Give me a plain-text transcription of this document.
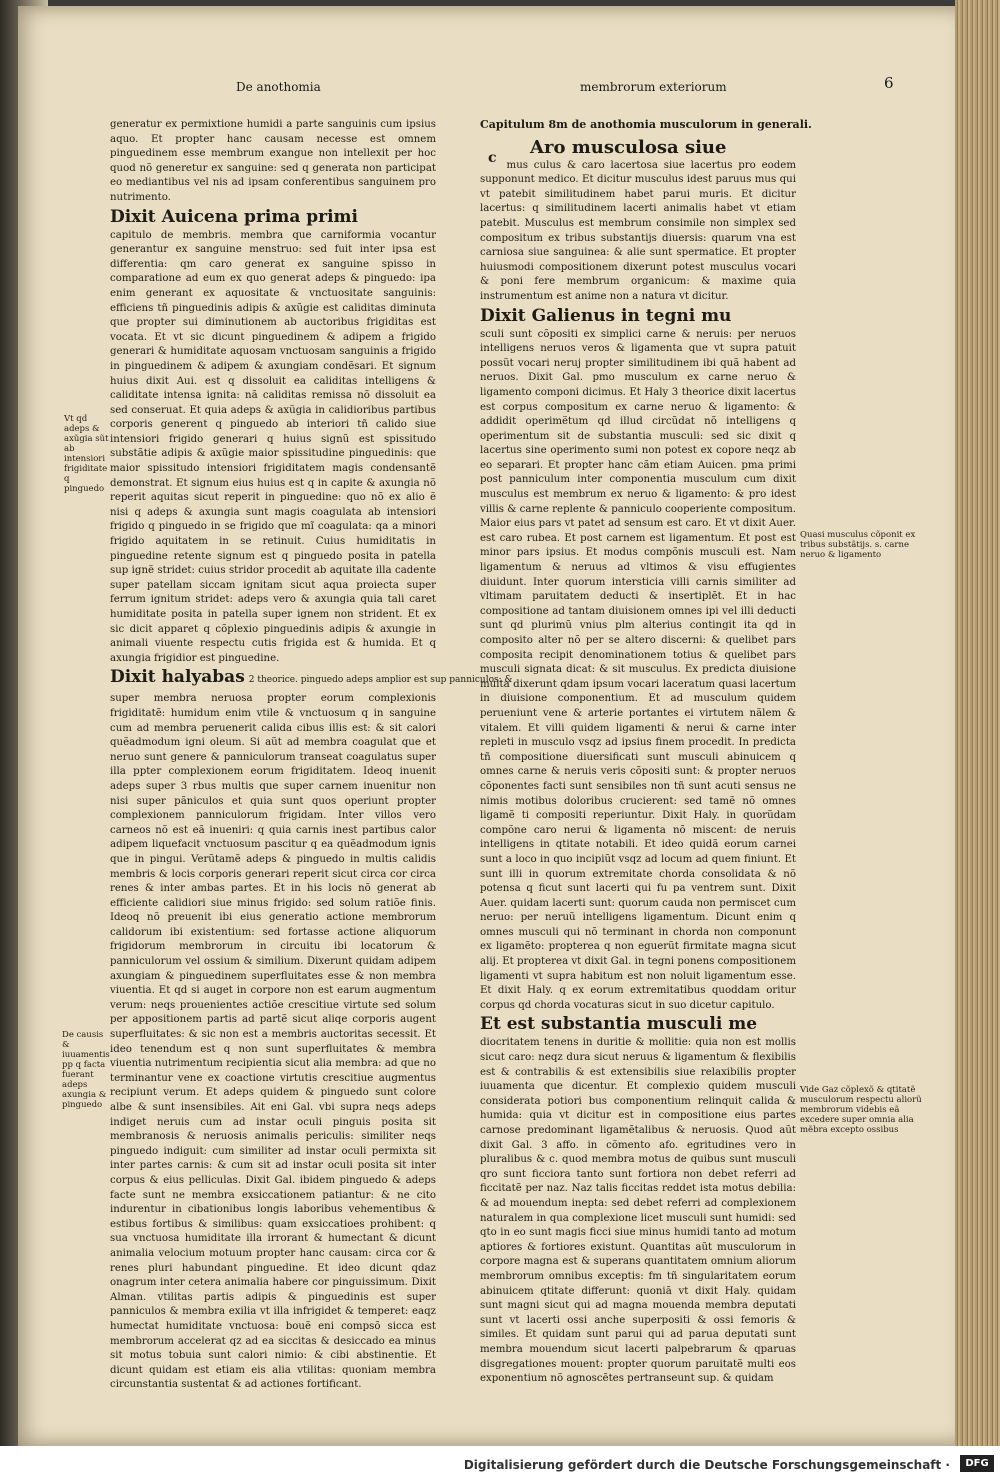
De anothomia	membrorum exteriorum	6

generatur ex permixtione humidi a parte sanguinis cum ipsius aquo. Et propter hanc causam necesse est omnem pinguedinem esse membrum exangue non intellexit per hoc quod nõ generetur ex sanguine: sed q generata non participat eo mediantibus vel nis ad ipsam conferentibus sanguinem pro nutrimento.

Dixit Auicena prima primi

capitulo de membris. membra que carniformia vocantur generantur ex sanguine menstruo: sed fuit inter ipsa est differentia: qm caro generat ex sanguine spisso in comparatione ad eum ex quo generat adeps & pinguedo: ipa enim generant ex aquositate & vnctuositate sanguinis: efficiens tñ pinguedinis adipis & axũgie est caliditas diminuta que propter sui diminutionem ab auctoribus frigiditas est vocata. Et vt sic dicunt pinguedinem & adipem a frigido generari & humiditate aquosam vnctuosam sanguinis a frigido in pinguedinem & adipem & axungiam condẽsari. Et signum huius dixit Aui. est q dissoluit ea caliditas intelligens & caliditate intensa ignita: nã caliditas remissa nõ dissoluit ea sed conseruat. Et quia adeps & axũgia in calidioribus partibus corporis generent q pinguedo ab interiori tñ calido siue intensiori frigido generari q huius signũ est spissitudo substãtie adipis & axũgie maior spissitudine pinguedinis: que maior spissitudo intensiori frigiditatem magis condensantẽ demonstrat. Et signum eius huius est q in capite & axungia nõ reperit aquitas sicut reperit in pinguedine: quo nõ ex alio ẽ nisi q adeps & axungia sunt magis coagulata ab intensiori frigido q pinguedo in se frigido que mĩ coagulata: qa a minori frigido aquitatem in se retinuit. Cuius humiditatis in pinguedine retente signum est q pinguedo posita in patella sup ignẽ stridet: cuius stridor procedit ab aquitate illa cadente super patellam siccam ignitam sicut aqua proiecta super ferrum ignitum stridet: adeps vero & axungia quia tali caret humiditate posita in patella super ignem non strident. Et ex sic dicit apparet q cõplexio pinguedinis adipis & axungie in animali viuente respectu cutis frigida est & humida. Et q axungia frigidior est pinguedine.

Dixit halyabas 2 theorice. pinguedo adeps amplior est sup panniculos: &

super membra neruosa propter eorum complexionis frigiditatẽ: humidum enim vtile & vnctuosum q in sanguine cum ad membra peruenerit calida cibus illis est: & sit calori quẽadmodum igni oleum. Si aũt ad membra coagulat que et neruo sunt genere & panniculorum transeat coagulatus super illa ppter complexionem eorum frigiditatem. Ideoq inuenit adeps super 3 rbus multis que super carnem inuenitur non nisi super pãniculos et quia sunt quos operiunt propter complexionem panniculorum frigidam. Inter villos vero carneos nõ est eã inueniri: q quia carnis inest partibus calor adipem liquefacit vnctuosum pascitur q ea quẽadmodum ignis que in pingui. Verũtamẽ adeps & pinguedo in multis calidis membris & locis corporis generari reperit sicut circa cor circa renes & inter ambas partes. Et in his locis nõ generat ab efficiente calidiori siue minus frigido: sed solum ratiõe finis. Ideoq nõ preuenit ibi eius generatio actione membrorum calidorum ibi existentium: sed fortasse actione aliquorum frigidorum membrorum in circuitu ibi locatorum & panniculorum vel ossium & similium. Dixerunt quidam adipem axungiam & pinguedinem superfluitates esse & non membra viuentia. Et qd si auget in corpore non est earum augmentum verum: neqs prouenientes actiõe crescitiue virtute sed solum per appositionem partis ad partẽ sicut aliqe corporis augent superfluitates: & sic non est a membris auctoritas secessit. Et ideo tenendum est q non sunt superfluitates & membra viuentia nutrimentum recipientia sicut alia membra: ad que no terminantur vene ex coactione virtutis crescitiue augmentus recipiunt verum. Et adeps quidem & pinguedo sunt colore albe & sunt insensibiles. Ait eni Gal. vbi supra neqs adeps indiget neruis cum ad instar oculi pinguis posita sit membranosis & neruosis animalis periculis: similiter neqs pinguedo indiguit: cum similiter ad instar oculi permixta sit inter partes carnis: & cum sit ad instar oculi posita sit inter corpus & eius pelliculas. Dixit Gal. ibidem pinguedo & adeps facte sunt ne membra exsiccationem patiantur: & ne cito indurentur in cibationibus longis laboribus vehementibus & estibus fortibus & similibus: quam exsiccatioes prohibent: q sua vnctuosa humiditate illa irrorant & humectant & dicunt animalia velocium motuum propter hanc causam: circa cor & renes pluri habundant pinguedine. Et ideo dicunt qdaz onagrum inter cetera animalia habere cor pinguissimum. Dixit Alman. vtilitas partis adipis & pinguedinis est super panniculos & membra exilia vt illa infrigidet & temperet: eaqz humectat humiditate vnctuosa: bouẽ eni compsõ sicca est membrorum accelerat qz ad ea siccitas & desiccado ea minus sit motus tobuia sunt calori nimio: & cibi abstinentie. Et dicunt quidam est etiam eis alia vtilitas: quoniam membra circunstantia sustentat & ad actiones fortificant.

Capitulum 8m de anothomia musculorum in generali.
c Aro musculosa siue

mus culus & caro lacertosa siue lacertus pro eodem supponunt medico. Et dicitur musculus idest paruus mus qui vt patebit similitudinem habet parui muris. Et dicitur lacertus: q similitudinem lacerti animalis habet vt etiam patebit. Musculus est membrum consimile non simplex sed compositum ex tribus substantijs diuersis: quarum vna est carniosa siue sanguinea: & alie sunt spermatice. Et propter huiusmodi compositionem dixerunt potest musculus vocari & poni fere membrum organicum: & maxime quia instrumentum est anime non a natura vt dicitur.

Dixit Galienus in tegni mu

sculi sunt cõpositi ex simplici carne & neruis: per neruos intelligens neruos veros & ligamenta que vt supra patuit possũt vocari neruj propter similitudinem ibi quã habent ad neruos. Dixit Gal. pmo musculum ex carne neruo & ligamento componi dicimus. Et Haly 3 theorice dixit lacertus est corpus compositum ex carne neruo & ligamento: & addidit operimẽtum qd illud circũdat nõ intelligens q operimentum sit de substantia musculi: sed sic dixit q lacertus sine operimento sumi non potest ex copore neqz ab eo separari. Et propter hanc cãm etiam Auicen. pma primi post panniculum inter componentia musculum cum dixit musculus est membrum ex neruo & ligamento: & pro idest villis & carne replente & panniculo cooperiente compositum. Maior eius pars vt patet ad sensum est caro. Et vt dixit Auer. est caro rubea. Et post carnem est ligamentum. Et post est minor pars ipsius. Et modus compõnis musculi est. Nam ligamentum & neruus ad vltimos & visu effugientes diuidunt. Inter quorum intersticia villi carnis similiter ad vltimam paruitatem deducti & insertiplẽt. Et in hac compositione ad tantam diuisionem omnes ipi vel illi deducti sunt qd plurimũ vnius plm alterius contingit ita qd in composito alter nõ per se altero discerni: & quelibet pars composita recipit denominationem totius & quelibet pars musculi signata dicat: & sit musculus. Ex predicta diuisione multa dixerunt qdam ipsum vocari laceratum quasi lacertum in diuisione componentium. Et ad musculum quidem perueniunt vene & arterie portantes ei virtutem nãlem & vitalem. Et villi quidem ligamenti & nerui & carne inter repleti in musculo vsqz ad ipsius finem procedit. In predicta tñ compositione diuersificati sunt musculi abinuicem q omnes carne & neruis veris cõpositi sunt: & propter neruos cõponentes facti sunt sensibiles non tñ sunt acuti sensus ne nimis motibus doloribus crucierent: sed tamẽ nõ omnes ligamẽ ti compositi reperiuntur. Dixit Haly. in quorũdam compõne caro nerui & ligamenta nõ miscent: de neruis intelligens in qtitate notabili. Et ideo quidã eorum carnei sunt a loco in quo incipiũt vsqz ad locum ad quem finiunt. Et sunt illi in quorum extremitate chorda consolidata & nõ potensa q ficut sunt lacerti qui fu pa ventrem sunt. Dixit Auer. quidam lacerti sunt: quorum cauda non permiscet cum neruo: per neruũ intelligens ligamentum. Dicunt enim q omnes musculi qui nõ terminant in chorda non componunt ex ligamẽto: propterea q non eguerũt firmitate magna sicut alij. Et propterea vt dixit Gal. in tegni ponens compositionem ligamenti vt supra habitum est non noluit ligamentum esse. Et dixit Haly. q ex eorum extremitatibus quoddam oritur corpus qd chorda vocaturas sicut in suo dicetur capitulo.

Et est substantia musculi me

diocritatem tenens in duritie & mollitie: quia non est mollis sicut caro: neqz dura sicut neruus & ligamentum & flexibilis est & contrabilis & est extensibilis siue relaxibilis propter iuuamenta que dicentur. Et complexio quidem musculi considerata potiori bus componentium relinquit calida & humida: quia vt dicitur est in compositione eius partes carnose predominant ligamẽtalibus & neruosis. Quod aũt dixit Gal. 3 affo. in cõmento afo. egritudines vero in pluralibus & c. quod membra motus de quibus sunt musculi qro sunt ficciora tanto sunt fortiora non debet referri ad ficcitatẽ per naz. Naz talis ficcitas reddet ista motus debilia: & ad mouendum inepta: sed debet referri ad complexionem naturalem in qua complexione licet musculi sunt humidi: sed qto in eo sunt magis ficci siue minus humidi tanto ad motum aptiores & fortiores existunt. Quantitas aũt musculorum in corpore magna est & superans quantitatem omnium aliorum membrorum omnibus exceptis: fm tñ singularitatem eorum abinuicem qtitate differunt: quoniã vt dixit Haly. quidam sunt magni sicut qui ad magna mouenda membra deputati sunt vt lacerti ossi anche superpositi & ossi femoris & similes. Et quidam sunt parui qui ad parua deputati sunt membra mouendum sicut lacerti palpebrarum & qparuas disgregationes mouent: propter quorum paruitatẽ multi eos exponentium nõ agnoscẽtes pertranseunt sup. & quidam

Vt qd adeps & axũgia sũt ab intensiori frigiditate q pinguedo
De causis & iuuamentis pp q facta fuerant adeps axungia & pinguedo
Quasi musculus cõponit ex tribus substãtijs. s. carne neruo & ligamento
Vide Gaz cõplexõ & qtitatẽ musculorum respectu aliorũ membrorum videbis eã excedere super omnia alia mẽbra excepto ossibus
Digitalisierung gefördert durch die Deutsche Forschungsgemeinschaft ·	DFG
